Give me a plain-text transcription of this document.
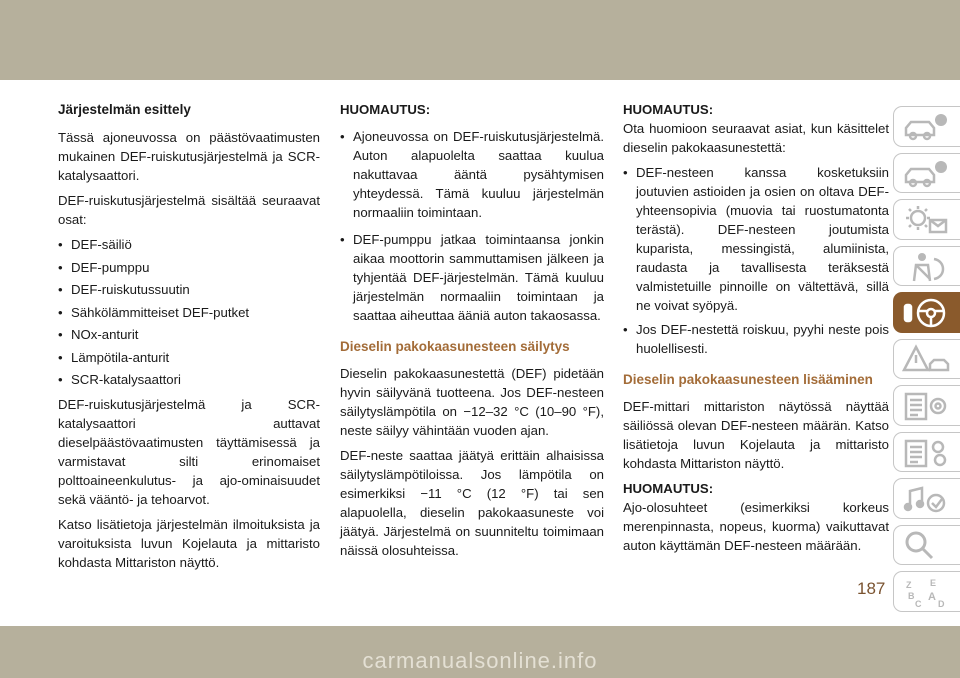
Järjestelmän esittely

Tässä ajoneuvossa on päästövaatimusten mukainen DEF-ruiskutusjärjestelmä ja SCR-katalysaattori.

DEF-ruiskutusjärjestelmä sisältää seuraavat osat:

• DEF-säiliö
• DEF-pumppu
• DEF-ruiskutussuutin
• Sähkölämmitteiset DEF-putket
• NOx-anturit
• Lämpötila-anturit
• SCR-katalysaattori

DEF-ruiskutusjärjestelmä ja SCR-katalysaattori auttavat dieselpäästövaatimusten täyttämisessä ja varmistavat silti erinomaiset polttoaineenkulutus- ja ajo-ominaisuudet sekä vääntö- ja tehoarvot.

Katso lisätietoja järjestelmän ilmoituksista ja varoituksista luvun Kojelauta ja mittaristo kohdasta Mittariston näyttö.

HUOMAUTUS:
• Ajoneuvossa on DEF-ruiskutusjärjestelmä. Auton alapuolelta saattaa kuulua nakuttavaa ääntä pysähtymisen yhteydessä. Tämä kuuluu järjestelmän normaaliin toimintaan.
• DEF-pumppu jatkaa toimintaansa jonkin aikaa moottorin sammuttamisen jälkeen ja tyhjentää DEF-järjestelmän. Tämä kuuluu järjestelmän normaaliin toimintaan ja saattaa aiheuttaa ääniä auton takaosassa.
Dieselin pakokaasunesteen säilytys

Dieselin pakokaasunestettä (DEF) pidetään hyvin säilyvänä tuotteena. Jos DEF-nesteen säilytyslämpötila on −12–32 °C (10–90 °F), neste säilyy vähintään vuoden ajan.

DEF-neste saattaa jäätyä erittäin alhaisissa säilytyslämpötiloissa. Jos lämpötila on esimerkiksi −11 °C (12 °F) tai sen alapuolella, dieselin pakokaasuneste voi jäätyä. Järjestelmä on suunniteltu toimimaan näissä olosuhteissa.

HUOMAUTUS:

Ota huomioon seuraavat asiat, kun käsittelet dieselin pakokaasunestettä:

• DEF-nesteen kanssa kosketuksiin joutuvien astioiden ja osien on oltava DEF-yhteensopivia (muovia tai ruostumatonta terästä). DEF-nesteen joutumista kuparista, messingistä, alumiinista, raudasta ja tavallisesta teräksestä valmistetuille pinnoille on vältettävä, sillä ne voivat syöpyä.
• Jos DEF-nestettä roiskuu, pyyhi neste pois huolellisesti.
Dieselin pakokaasunesteen lisääminen

DEF-mittari mittariston näytössä näyttää säiliössä olevan DEF-nesteen määrän. Katso lisätietoja luvun Kojelauta ja mittaristo kohdasta Mittariston näyttö.

HUOMAUTUS:

Ajo-olosuhteet (esimerkiksi korkeus merenpinnasta, nopeus, kuorma) vaikuttavat auton käyttämän DEF-nesteen määrään.

Z E
B A
C D
187
carmanualsonline.info
